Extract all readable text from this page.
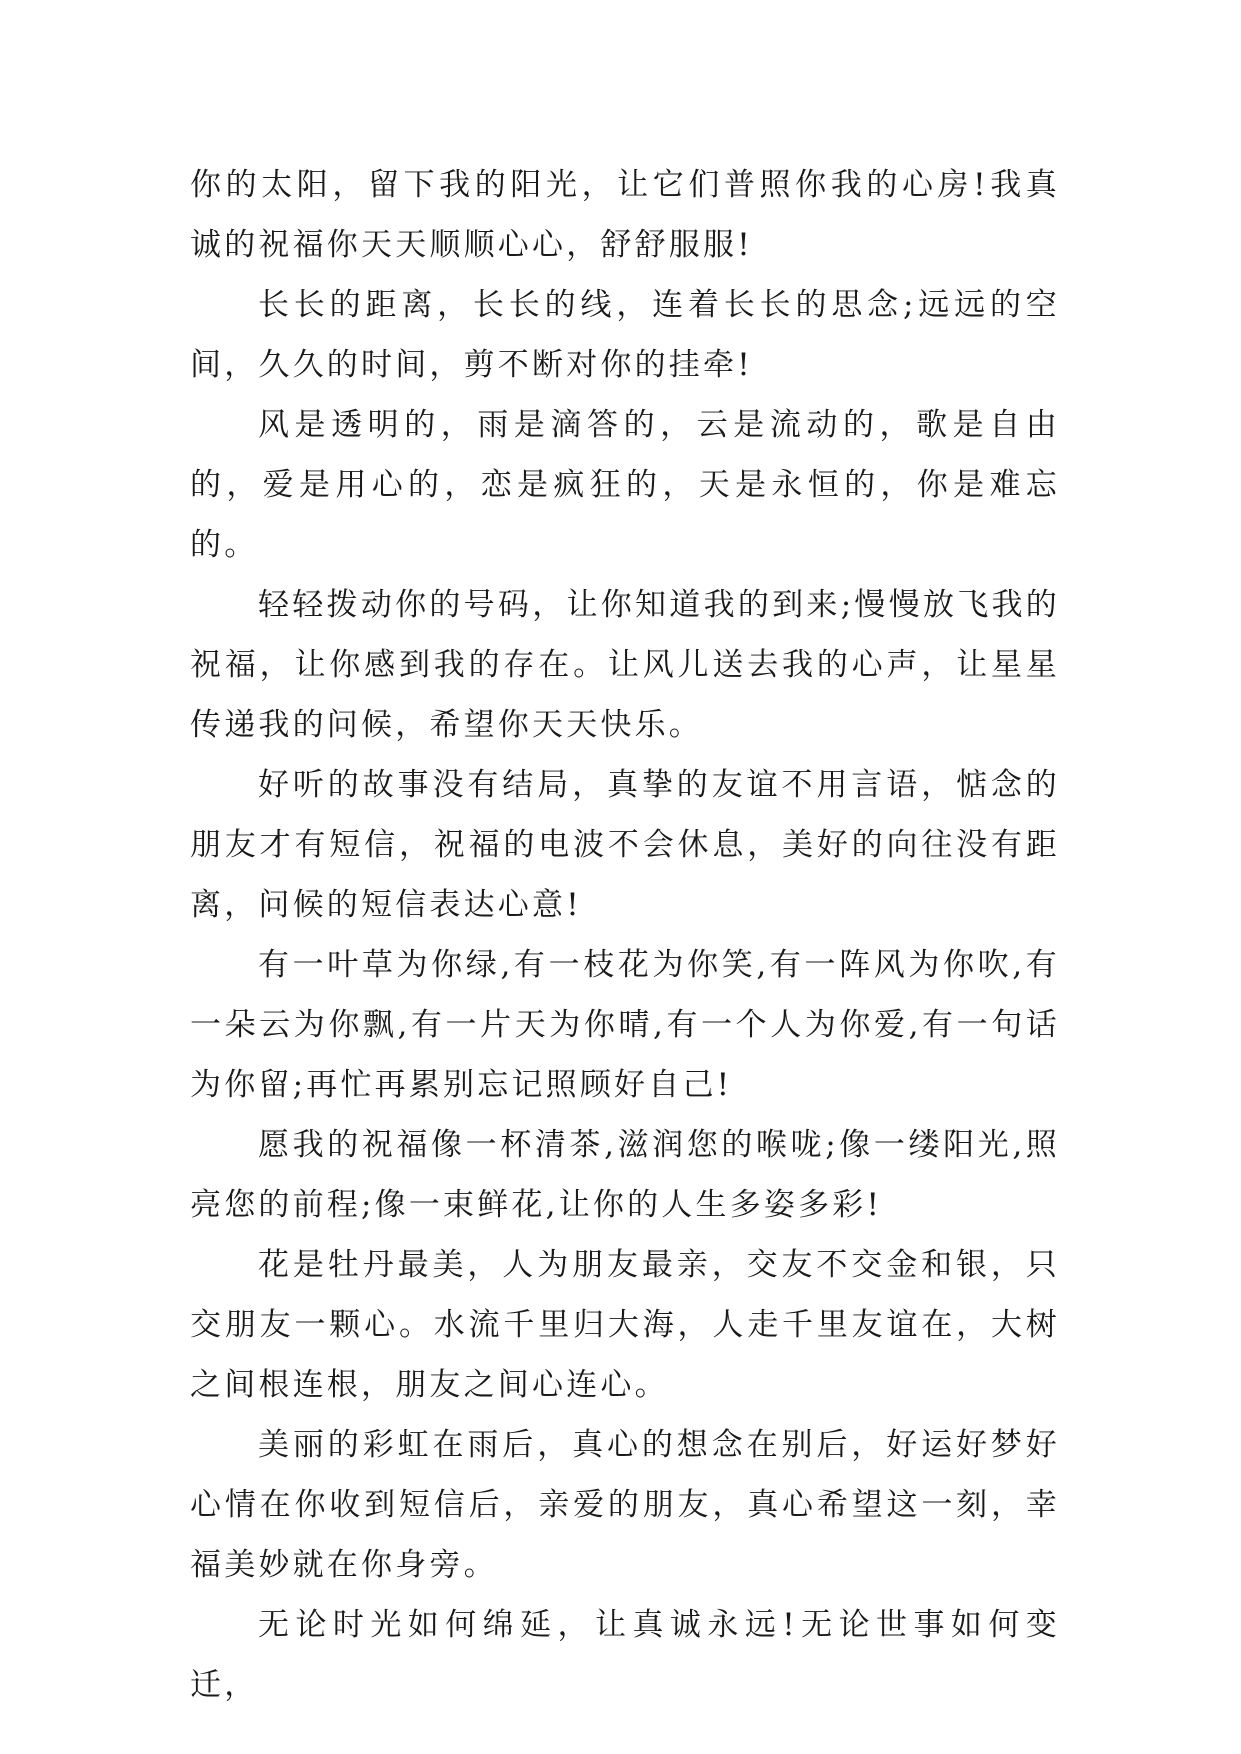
你的太阳，留下我的阳光，让它们普照你我的心房!我真诚的祝福你天天顺顺心心，舒舒服服!

长长的距离，长长的线，连着长长的思念;远远的空间，久久的时间，剪不断对你的挂牵!

风是透明的，雨是滴答的，云是流动的，歌是自由的，爱是用心的，恋是疯狂的，天是永恒的，你是难忘的。

轻轻拨动你的号码，让你知道我的到来;慢慢放飞我的祝福，让你感到我的存在。让风儿送去我的心声，让星星传递我的问候，希望你天天快乐。

好听的故事没有结局，真挚的友谊不用言语，惦念的朋友才有短信，祝福的电波不会休息，美好的向往没有距离，问候的短信表达心意!

有一叶草为你绿,有一枝花为你笑,有一阵风为你吹,有一朵云为你飘,有一片天为你晴,有一个人为你爱,有一句话为你留;再忙再累别忘记照顾好自己!

愿我的祝福像一杯清茶,滋润您的喉咙;像一缕阳光,照亮您的前程;像一束鲜花,让你的人生多姿多彩!

花是牡丹最美，人为朋友最亲，交友不交金和银，只交朋友一颗心。水流千里归大海，人走千里友谊在，大树之间根连根，朋友之间心连心。

美丽的彩虹在雨后，真心的想念在别后，好运好梦好心情在你收到短信后，亲爱的朋友，真心希望这一刻，幸福美妙就在你身旁。

无论时光如何绵延，让真诚永远!无论世事如何变迁，
